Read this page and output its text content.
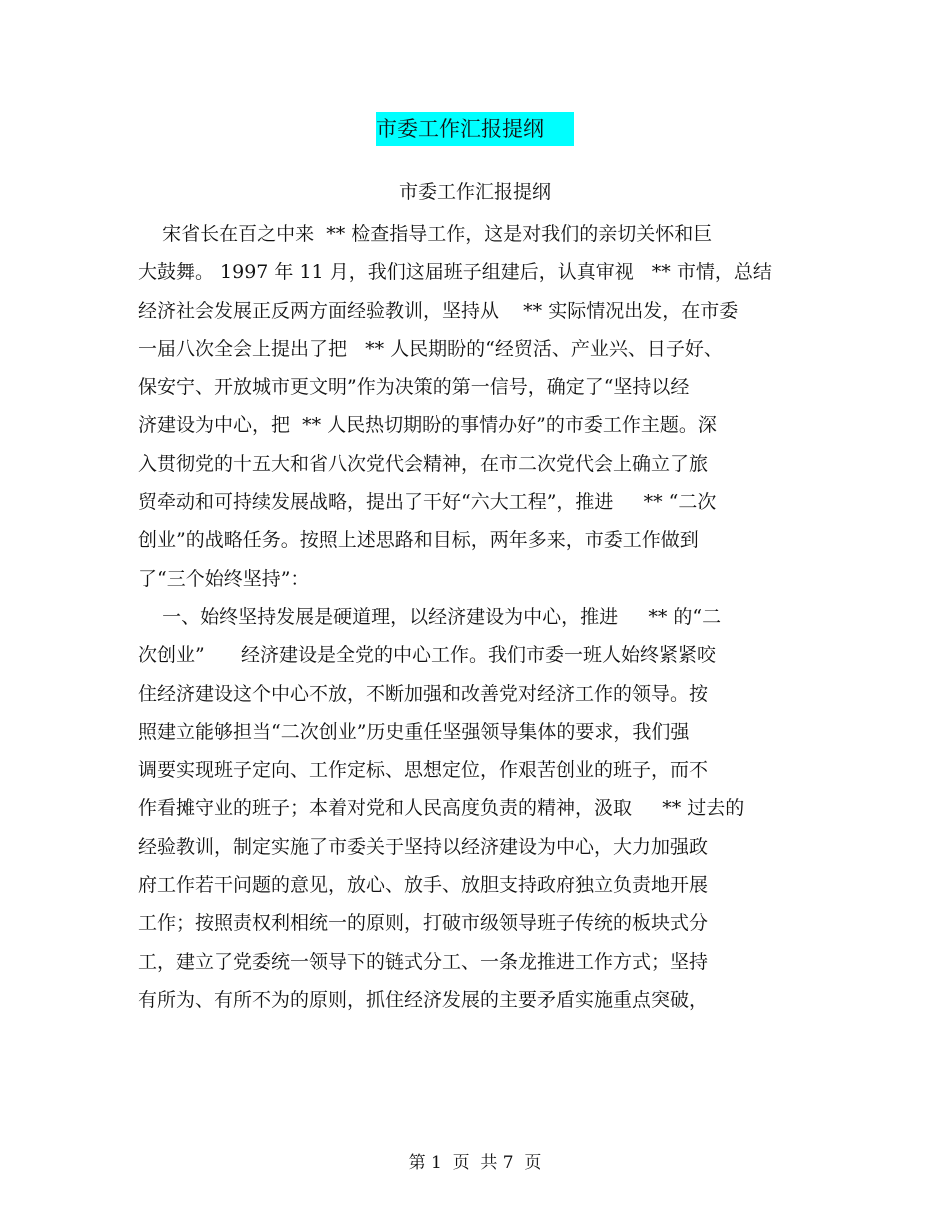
市委工作汇报提纲
市委工作汇报提纲
宋省长在百之中来  ** 检查指导工作，这是对我们的亲切关怀和巨
大鼓舞。 1997 年 11 月，我们这届班子组建后，认真审视   ** 市情，总结
经济社会发展正反两方面经验教训，坚持从    ** 实际情况出发，在市委
一届八次全会上提出了把   ** 人民期盼的“经贸活、产业兴、日子好、
保安宁、开放城市更文明”作为决策的第一信号，确定了“坚持以经
济建设为中心，把  ** 人民热切期盼的事情办好”的市委工作主题。深
入贯彻党的十五大和省八次党代会精神，在市二次党代会上确立了旅
贸牵动和可持续发展战略，提出了干好“六大工程”，推进     ** “二次
创业”的战略任务。按照上述思路和目标，两年多来，市委工作做到
了“三个始终坚持”：
一、始终坚持发展是硬道理，以经济建设为中心，推进     ** 的“二
次创业”      经济建设是全党的中心工作。我们市委一班人始终紧紧咬
住经济建设这个中心不放，不断加强和改善党对经济工作的领导。按
照建立能够担当“二次创业”历史重任坚强领导集体的要求，我们强
调要实现班子定向、工作定标、思想定位，作艰苦创业的班子，而不
作看摊守业的班子；本着对党和人民高度负责的精神，汲取     ** 过去的
经验教训，制定实施了市委关于坚持以经济建设为中心，大力加强政
府工作若干问题的意见，放心、放手、放胆支持政府独立负责地开展
工作；按照责权利相统一的原则，打破市级领导班子传统的板块式分
工，建立了党委统一领导下的链式分工、一条龙推进工作方式；坚持
有所为、有所不为的原则，抓住经济发展的主要矛盾实施重点突破，
第 1  页  共 7  页
